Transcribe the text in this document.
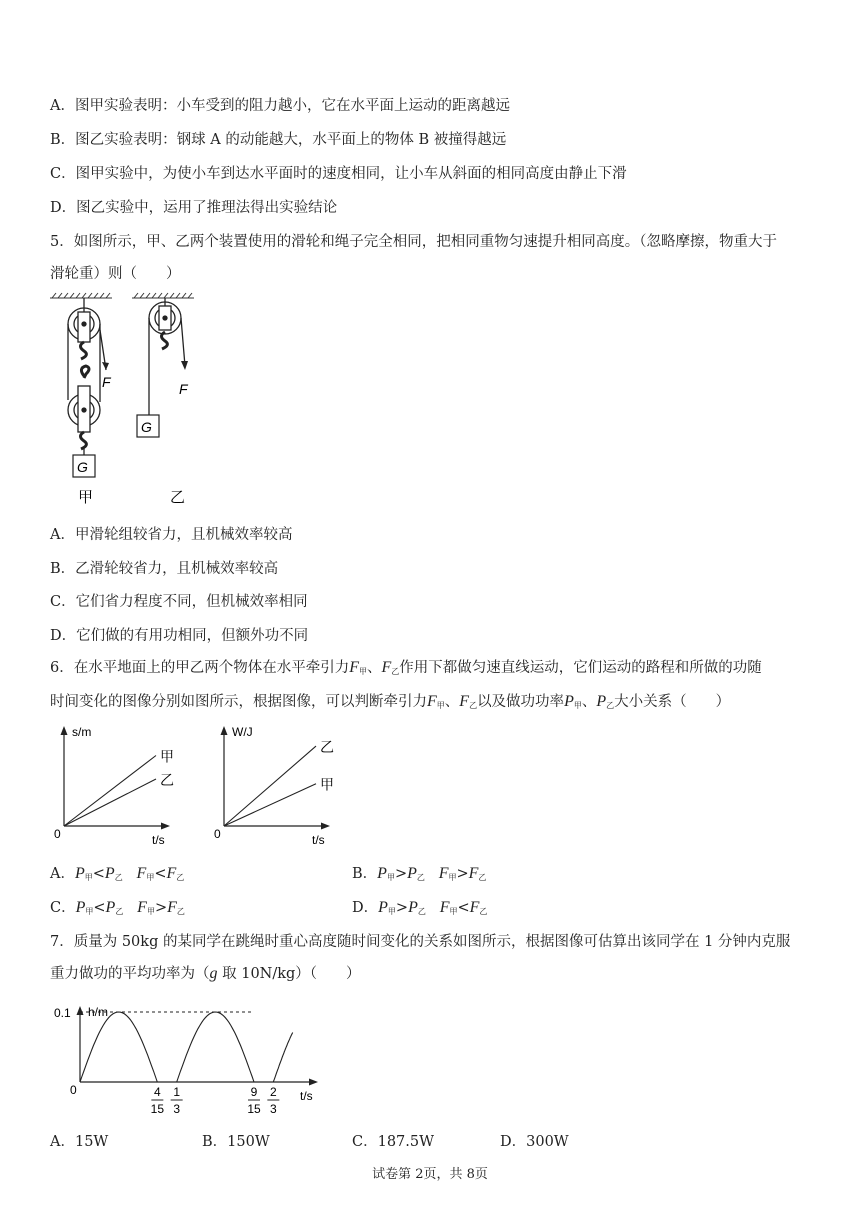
A．图甲实验表明：小车受到的阻力越小，它在水平面上运动的距离越远
B．图乙实验表明：钢球 A 的动能越大，水平面上的物体 B 被撞得越远
C．图甲实验中，为使小车到达水平面时的速度相同，让小车从斜面的相同高度由静止下滑
D．图乙实验中，运用了推理法得出实验结论
5．如图所示，甲、乙两个装置使用的滑轮和绳子完全相同，把相同重物匀速提升相同高度。（忽略摩擦，物重大于
滑轮重）则（　　）
F
G
F
G
甲	乙
A．甲滑轮组较省力，且机械效率较高
B．乙滑轮较省力，且机械效率较高
C．它们省力程度不同，但机械效率相同
D．它们做的有用功相同，但额外功不同
6．在水平地面上的甲乙两个物体在水平牵引力$F_甲$、$F_乙$作用下都做匀速直线运动，它们运动的路程和所做的功随
时间变化的图像分别如图所示，根据图像，可以判断牵引力$F_甲$、$F_乙$以及做功功率$P_甲$、$P_乙$大小关系（　　）
s/m
t/s
0
甲
乙
W/J
t/s
0
乙
甲
A．$P_甲<P_乙$ $F_甲<F_乙$	B．$P_甲>P_乙$ $F_甲>F_乙$
C．$P_甲<P_乙$ $F_甲>F_乙$	D．$P_甲>P_乙$ $F_甲<F_乙$
7．质量为 50kg 的某同学在跳绳时重心高度随时间变化的关系如图所示，根据图像可估算出该同学在 1 分钟内克服
重力做功的平均功率为（g 取 10N/kg）（　　）
h/m
t/s
0
0.1
4
15
1
3
9
15
2
3
A．15W	B．150W	C．187.5W	D．300W
试卷第 2页，共 8页
